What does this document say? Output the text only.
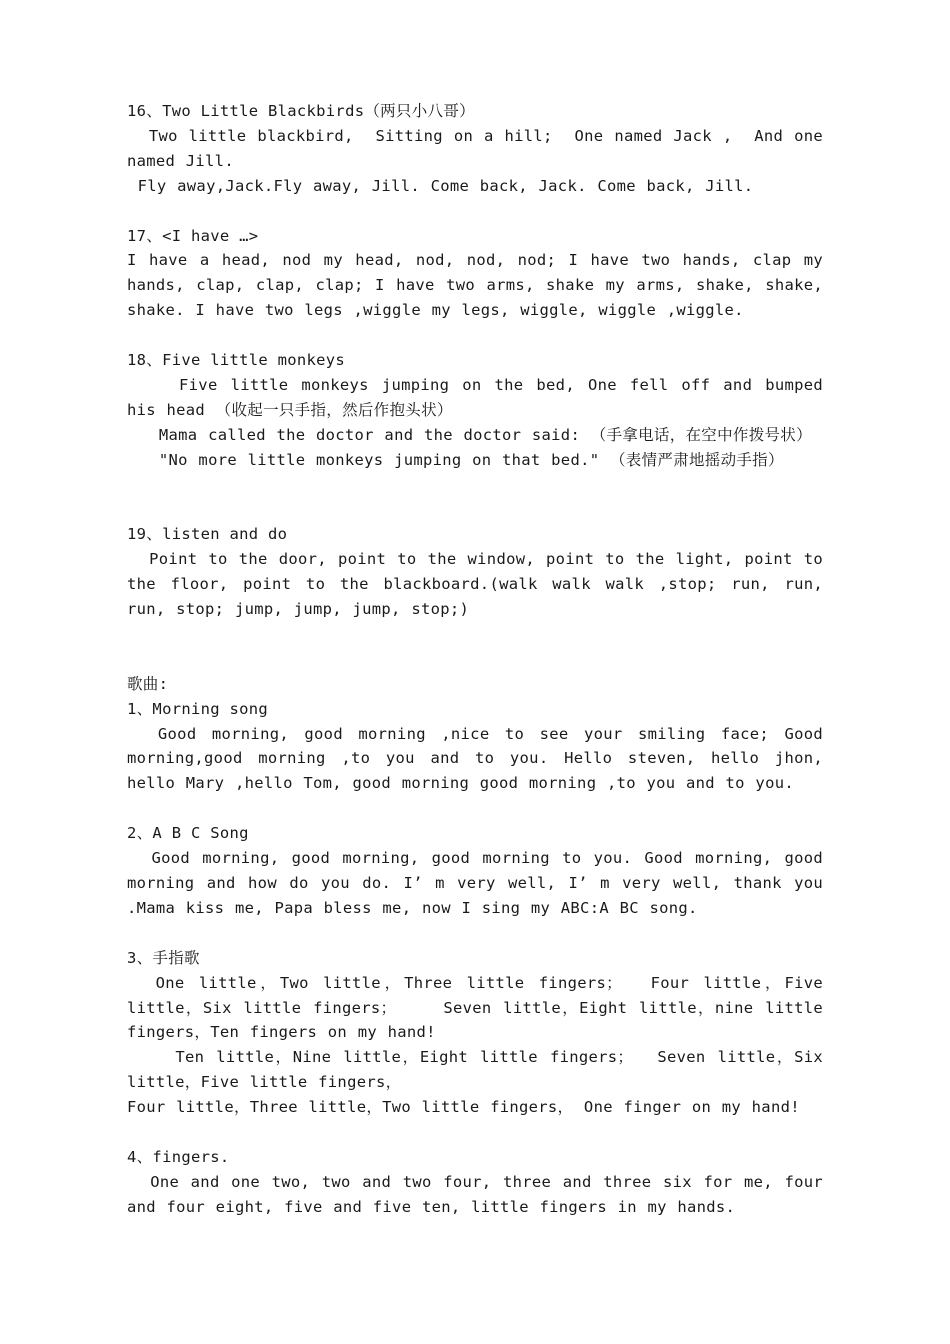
16、Two Little Blackbirds（两只小八哥）
Two little blackbird,  Sitting on a hill;  One named Jack ,  And one named Jill.
Fly away,Jack.Fly away, Jill. Come back, Jack. Come back, Jill.
17、<I have …>
I have a head, nod my head, nod, nod, nod; I have two hands, clap my hands, clap, clap, clap; I have two arms, shake my arms, shake, shake, shake. I have two legs ,wiggle my legs, wiggle, wiggle ,wiggle.
18、Five little monkeys
Five little monkeys jumping on the bed, One fell off and bumped his head （收起一只手指，然后作抱头状）
Mama called the doctor and the doctor said: （手拿电话，在空中作拨号状）
"No more little monkeys jumping on that bed." （表情严肃地摇动手指）
19、listen and do
Point to the door, point to the window, point to the light, point to the floor, point to the blackboard.(walk walk walk ,stop; run, run, run, stop; jump, jump, jump, stop;)
歌曲:
1、Morning song
Good morning, good morning ,nice to see your smiling face; Good morning,good morning ,to you and to you. Hello steven, hello jhon, hello Mary ,hello Tom, good morning good morning ,to you and to you.
2、A B C Song
Good morning, good morning, good morning to you. Good morning, good morning and how do you do. I’ m very well, I’ m very well, thank you .Mama kiss me, Papa bless me, now I sing my ABC:A BC song.
3、手指歌
One little，Two little，Three little fingers；  Four little，Five little，Six little fingers；    Seven little，Eight little，nine little fingers，Ten fingers on my hand!
Ten little，Nine little，Eight little fingers；  Seven little，Six little，Five little fingers，
Four little，Three little，Two little fingers， One finger on my hand!
4、fingers.
One and one two, two and two four, three and three six for me, four and four eight, five and five ten, little fingers in my hands.
